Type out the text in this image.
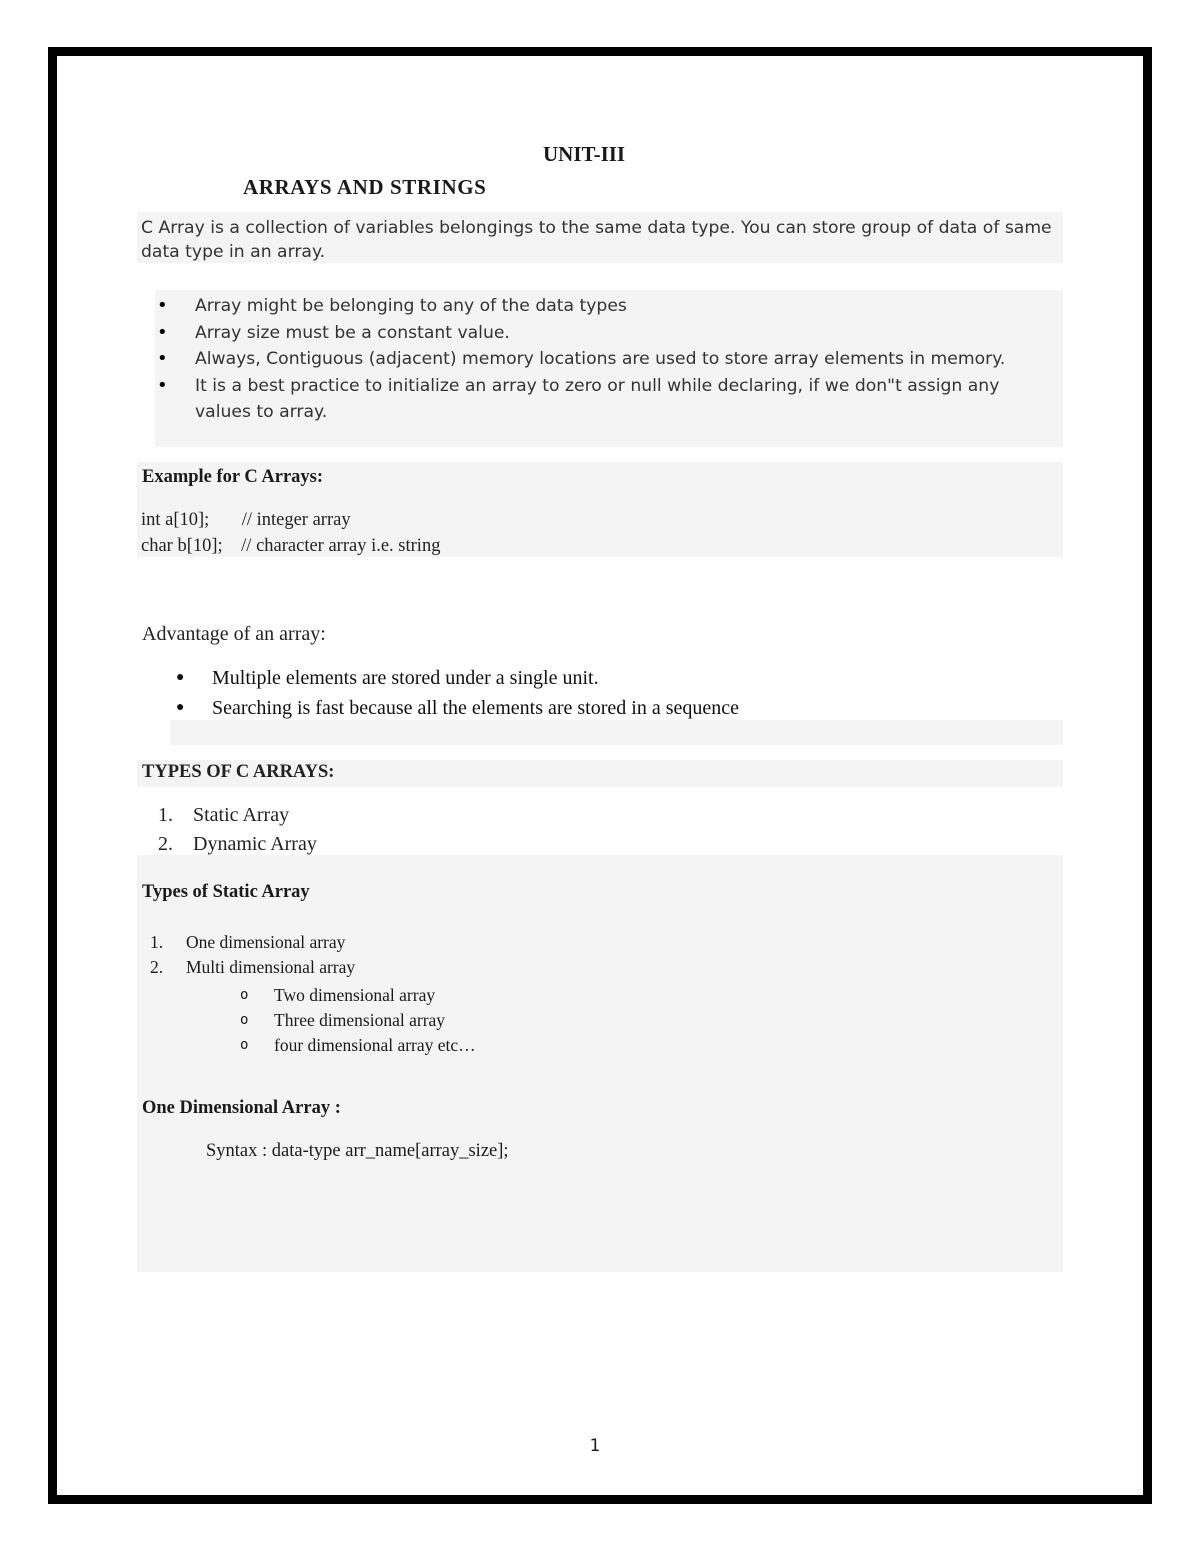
UNIT-III
ARRAYS AND STRINGS
C Array is a collection of variables belongings to the same data type. You can store group of data of same data type in an array.
• Array might be belonging to any of the data types
• Array size must be a constant value.
• Always, Contiguous (adjacent) memory locations are used to store array elements in memory.
• It is a best practice to initialize an array to zero or null while declaring, if we don"t assign any values to array.
Example for C Arrays:
int a[10];       // integer array
char b[10];    // character array i.e. string
Advantage of an array:
● Multiple elements are stored under a single unit.
● Searching is fast because all the elements are stored in a sequence
TYPES OF C ARRAYS:
1. Static Array
2. Dynamic Array
Types of Static Array
1. One dimensional array
2. Multi dimensional array
o Two dimensional array
o Three dimensional array
o four dimensional array etc…
One Dimensional Array :
Syntax : data-type arr_name[array_size];
1
